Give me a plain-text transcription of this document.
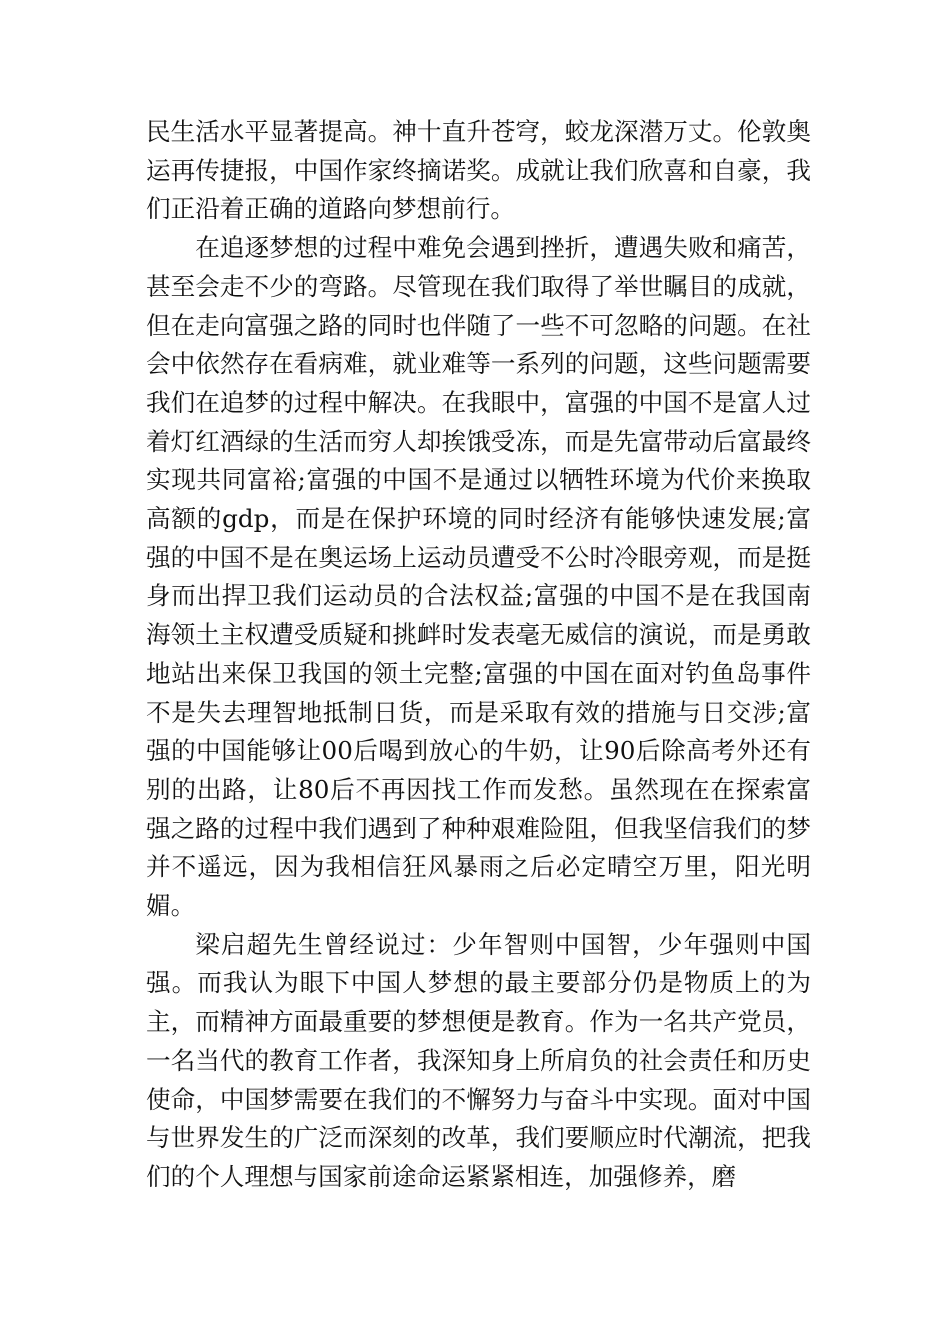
民生活水平显著提高。神十直升苍穹，蛟龙深潜万丈。伦敦奥运再传捷报，中国作家终摘诺奖。成就让我们欣喜和自豪，我们正沿着正确的道路向梦想前行。

在追逐梦想的过程中难免会遇到挫折，遭遇失败和痛苦，甚至会走不少的弯路。尽管现在我们取得了举世瞩目的成就，但在走向富强之路的同时也伴随了一些不可忽略的问题。在社会中依然存在看病难，就业难等一系列的问题，这些问题需要我们在追梦的过程中解决。在我眼中，富强的中国不是富人过着灯红酒绿的生活而穷人却挨饿受冻，而是先富带动后富最终实现共同富裕;富强的中国不是通过以牺牲环境为代价来换取高额的gdp，而是在保护环境的同时经济有能够快速发展;富强的中国不是在奥运场上运动员遭受不公时冷眼旁观，而是挺身而出捍卫我们运动员的合法权益;富强的中国不是在我国南海领土主权遭受质疑和挑衅时发表毫无威信的演说，而是勇敢地站出来保卫我国的领土完整;富强的中国在面对钓鱼岛事件不是失去理智地抵制日货，而是采取有效的措施与日交涉;富强的中国能够让00后喝到放心的牛奶，让90后除高考外还有别的出路，让80后不再因找工作而发愁。虽然现在在探索富强之路的过程中我们遇到了种种艰难险阻，但我坚信我们的梦并不遥远，因为我相信狂风暴雨之后必定晴空万里，阳光明媚。

梁启超先生曾经说过：少年智则中国智，少年强则中国强。而我认为眼下中国人梦想的最主要部分仍是物质上的为主，而精神方面最重要的梦想便是教育。作为一名共产党员，一名当代的教育工作者，我深知身上所肩负的社会责任和历史使命，中国梦需要在我们的不懈努力与奋斗中实现。面对中国与世界发生的广泛而深刻的改革，我们要顺应时代潮流，把我们的个人理想与国家前途命运紧紧相连，加强修养，磨
